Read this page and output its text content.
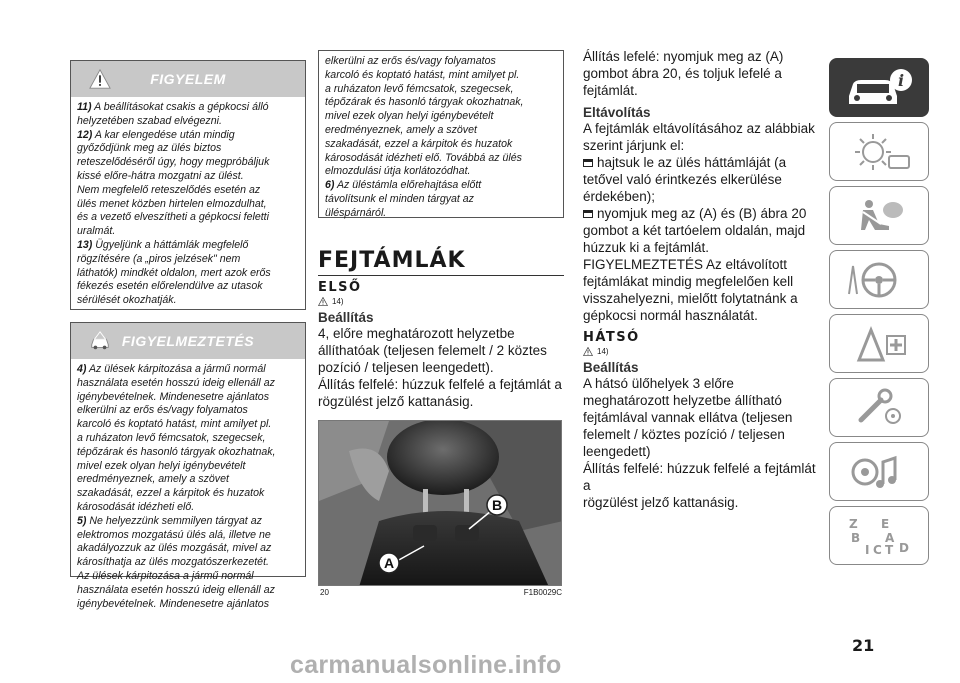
FIGYELEM

11) A beállításokat csakis a gépkocsi álló

helyzetében szabad elvégezni.

12) A kar elengedése után mindig

győződjünk meg az ülés biztos

reteszelődéséről úgy, hogy megpróbáljuk

kissé előre-hátra mozgatni az ülést.

Nem megfelelő reteszelődés esetén az

ülés menet közben hirtelen elmozdulhat,

és a vezető elveszítheti a gépkocsi feletti

uralmát.

13) Ügyeljünk a háttámlák megfelelő

rögzítésére (a „piros jelzések" nem

láthatók) mindkét oldalon, mert azok erős

fékezés esetén előrelendülve az utasok

sérülését okozhatják.

FIGYELMEZTETÉS

4) Az ülések kárpitozása a jármű normál

használata esetén hosszú ideig ellenáll az

igénybevételnek. Mindenesetre ajánlatos

elkerülni az erős és/vagy folyamatos

karcoló és koptató hatást, mint amilyet pl.

a ruházaton levő fémcsatok, szegecsek,

tépőzárak és hasonló tárgyak okozhatnak,

mivel ezek olyan helyi igénybevételt

eredményeznek, amely a szövet

szakadását, ezzel a kárpitok és huzatok

károsodását idézheti elő.

5) Ne helyezzünk semmilyen tárgyat az

elektromos mozgatású ülés alá, illetve ne

akadályozzuk az ülés mozgását, mivel az

károsíthatja az ülés mozgatószerkezetét.

Az ülések kárpitozása a jármű normál

használata esetén hosszú ideig ellenáll az

igénybevételnek. Mindenesetre ajánlatos

elkerülni az erős és/vagy folyamatos

karcoló és koptató hatást, mint amilyet pl.

a ruházaton levő fémcsatok, szegecsek,

tépőzárak és hasonló tárgyak okozhatnak,

mivel ezek olyan helyi igénybevételt

eredményeznek, amely a szövet

szakadását, ezzel a kárpitok és huzatok

károsodását idézheti elő. Továbbá az ülés

elmozdulási útja korlátozódhat.

6) Az üléstámla előrehajtása előtt

távolítsunk el minden tárgyat az

üléspárnáról.

FEJTÁMLÁK
ELSŐ
14)
Beállítás
4, előre meghatározott helyzetbe
állíthatóak (teljesen felemelt / 2 köztes
pozíció / teljesen leengedett).
Állítás felfelé: húzzuk felfelé a fejtámlát a
rögzülést jelző kattanásig.
A
B
20	F1B0029C
Állítás lefelé: nyomjuk meg az (A)
gombot ábra 20, és toljuk lefelé a
fejtámlát.
Eltávolítás
A fejtámlák eltávolításához az alábbiak
szerint járjunk el:
hajtsuk le az ülés háttámláját (a
tetővel való érintkezés elkerülése
érdekében);
nyomjuk meg az (A) és (B) ábra 20
gombot a két tartóelem oldalán, majd
húzzuk ki a fejtámlát.
FIGYELMEZTETÉS Az eltávolított
fejtámlákat mindig megfelelően kell
visszahelyezni, mielőtt folytatnánk a
gépkocsi normál használatát.
HÁTSÓ
14)
Beállítás
A hátsó ülőhelyek 3 előre
meghatározott helyzetbe állítható
fejtámlával vannak ellátva (teljesen
felemelt / köztes pozíció / teljesen
leengedett)
Állítás felfelé: húzzuk felfelé a fejtámlát a
rögzülést jelző kattanásig.
i
Z E
B A
I C T D
21
carmanualsonline.info
